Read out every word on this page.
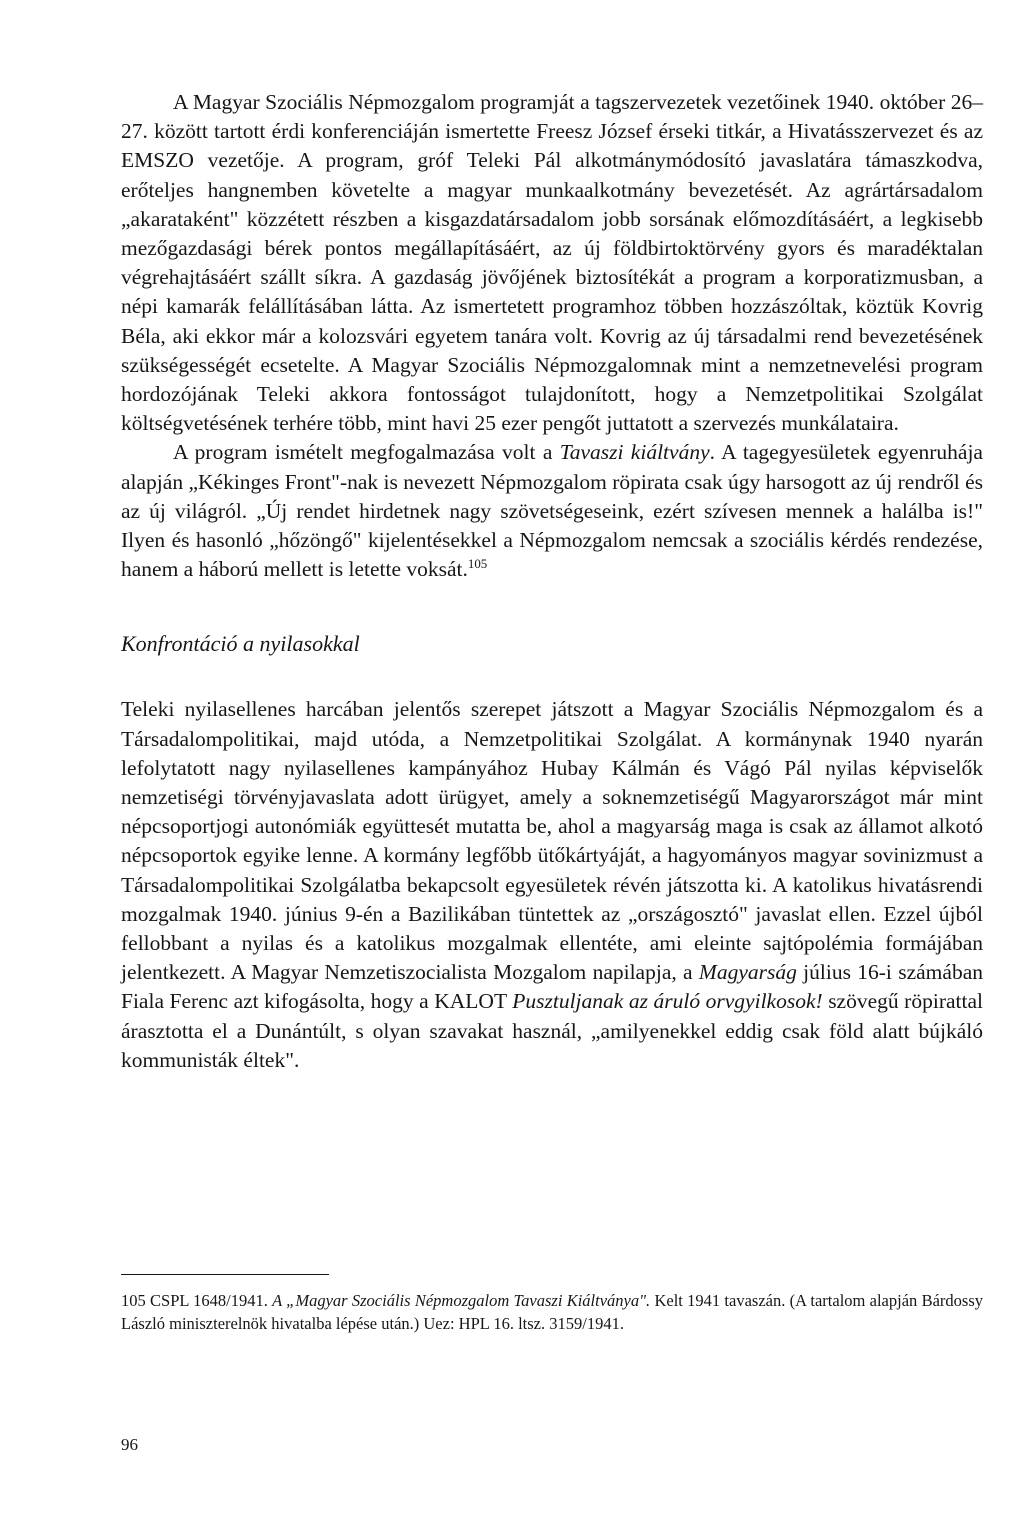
A Magyar Szociális Népmozgalom programját a tagszervezetek vezetőinek 1940. október 26–27. között tartott érdi konferenciáján ismertette Freesz József érseki titkár, a Hivatásszervezet és az EMSZO vezetője. A program, gróf Teleki Pál alkotmánymódosító javaslatára támaszkodva, erőteljes hangnemben követelte a magyar munkaalkotmány bevezetését. Az agrártársadalom „akarataként" közzétett részben a kisgazdatársadalom jobb sorsának előmozdításáért, a legkisebb mezőgazdasági bérek pontos megállapításáért, az új földbirtoktörvény gyors és maradéktalan végrehajtásáért szállt síkra. A gazdaság jövőjének biztosítékát a program a korporatizmusban, a népi kamarák felállításában látta. Az ismertetett programhoz többen hozzászóltak, köztük Kovrig Béla, aki ekkor már a kolozsvári egyetem tanára volt. Kovrig az új társadalmi rend bevezetésének szükségességét ecsetelte. A Magyar Szociális Népmozgalomnak mint a nemzetnevelési program hordozójának Teleki akkora fontosságot tulajdonított, hogy a Nemzetpolitikai Szolgálat költségvetésének terhére több, mint havi 25 ezer pengőt juttatott a szervezés munkálataira.

A program ismételt megfogalmazása volt a Tavaszi kiáltvány. A tagegyesületek egyenruhája alapján „Kékinges Front"-nak is nevezett Népmozgalom röpirata csak úgy harsogott az új rendről és az új világról. „Új rendet hirdetnek nagy szövetségeseink, ezért szívesen mennek a halálba is!" Ilyen és hasonló „hőzöngő" kijelentésekkel a Népmozgalom nemcsak a szociális kérdés rendezése, hanem a háború mellett is letette voksát.$^{105}$

Konfrontáció a nyilasokkal

Teleki nyilasellenes harcában jelentős szerepet játszott a Magyar Szociális Népmozgalom és a Társadalompolitikai, majd utóda, a Nemzetpolitikai Szolgálat. A kormánynak 1940 nyarán lefolytatott nagy nyilasellenes kampányához Hubay Kálmán és Vágó Pál nyilas képviselők nemzetiségi törvényjavaslata adott ürügyet, amely a soknemzetiségű Magyarországot már mint népcsoportjogi autonómiák együttesét mutatta be, ahol a magyarság maga is csak az államot alkotó népcsoportok egyike lenne. A kormány legfőbb ütőkártyáját, a hagyományos magyar sovinizmust a Társadalompolitikai Szolgálatba bekapcsolt egyesületek révén játszotta ki. A katolikus hivatásrendi mozgalmak 1940. június 9-én a Bazilikában tüntettek az „országosztó" javaslat ellen. Ezzel újból fellobbant a nyilas és a katolikus mozgalmak ellentéte, ami eleinte sajtópolémia formájában jelentkezett. A Magyar Nemzetiszocialista Mozgalom napilapja, a Magyarság július 16-i számában Fiala Ferenc azt kifogásolta, hogy a KALOT Pusztuljanak az áruló orvgyilkosok! szövegű röpirattal árasztotta el a Dunántúlt, s olyan szavakat használ, „amilyenekkel eddig csak föld alatt bújkáló kommunisták éltek".

105 CSPL 1648/1941. A „Magyar Szociális Népmozgalom Tavaszi Kiáltványa". Kelt 1941 tavaszán. (A tartalom alapján Bárdossy László miniszterelnök hivatalba lépése után.) Uez: HPL 16. ltsz. 3159/1941.

96
